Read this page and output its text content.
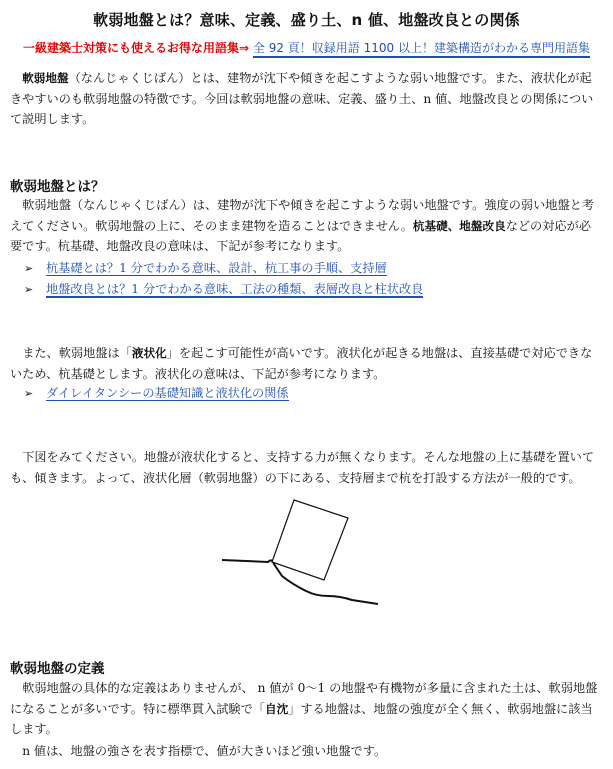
軟弱地盤とは？意味、定義、盛り土、n 値、地盤改良との関係
一級建築士対策にも使えるお得な用語集⇒ 全 92 頁！収録用語 1100 以上！建築構造がわかる専門用語集

軟弱地盤（なんじゃくじばん）とは、建物が沈下や傾きを起こすような弱い地盤です。また、液状化が起きやすいのも軟弱地盤の特徴です。今回は軟弱地盤の意味、定義、盛り土、n 値、地盤改良との関係について説明します。

軟弱地盤とは？

軟弱地盤（なんじゃくじばん）は、建物が沈下や傾きを起こすような弱い地盤です。強度の弱い地盤と考えてください。軟弱地盤の上に、そのまま建物を造ることはできません。杭基礎、地盤改良などの対応が必要です。杭基礎、地盤改良の意味は、下記が参考になります。

➢ 杭基礎とは？1 分でわかる意味、設計、杭工事の手順、支持層
➢ 地盤改良とは？1 分でわかる意味、工法の種類、表層改良と柱状改良

また、軟弱地盤は「液状化」を起こす可能性が高いです。液状化が起きる地盤は、直接基礎で対応できないため、杭基礎とします。液状化の意味は、下記が参考になります。

➢ ダイレイタンシーの基礎知識と液状化の関係

下図をみてください。地盤が液状化すると、支持する力が無くなります。そんな地盤の上に基礎を置いても、傾きます。よって、液状化層（軟弱地盤）の下にある、支持層まで杭を打設する方法が一般的です。

軟弱地盤の定義

軟弱地盤の具体的な定義はありませんが、 n 値が 0～1 の地盤や有機物が多量に含まれた土は、軟弱地盤になることが多いです。特に標準貫入試験で「自沈」する地盤は、地盤の強度が全く無く、軟弱地盤に該当します。

n 値は、地盤の強さを表す指標で、値が大きいほど強い地盤です。
